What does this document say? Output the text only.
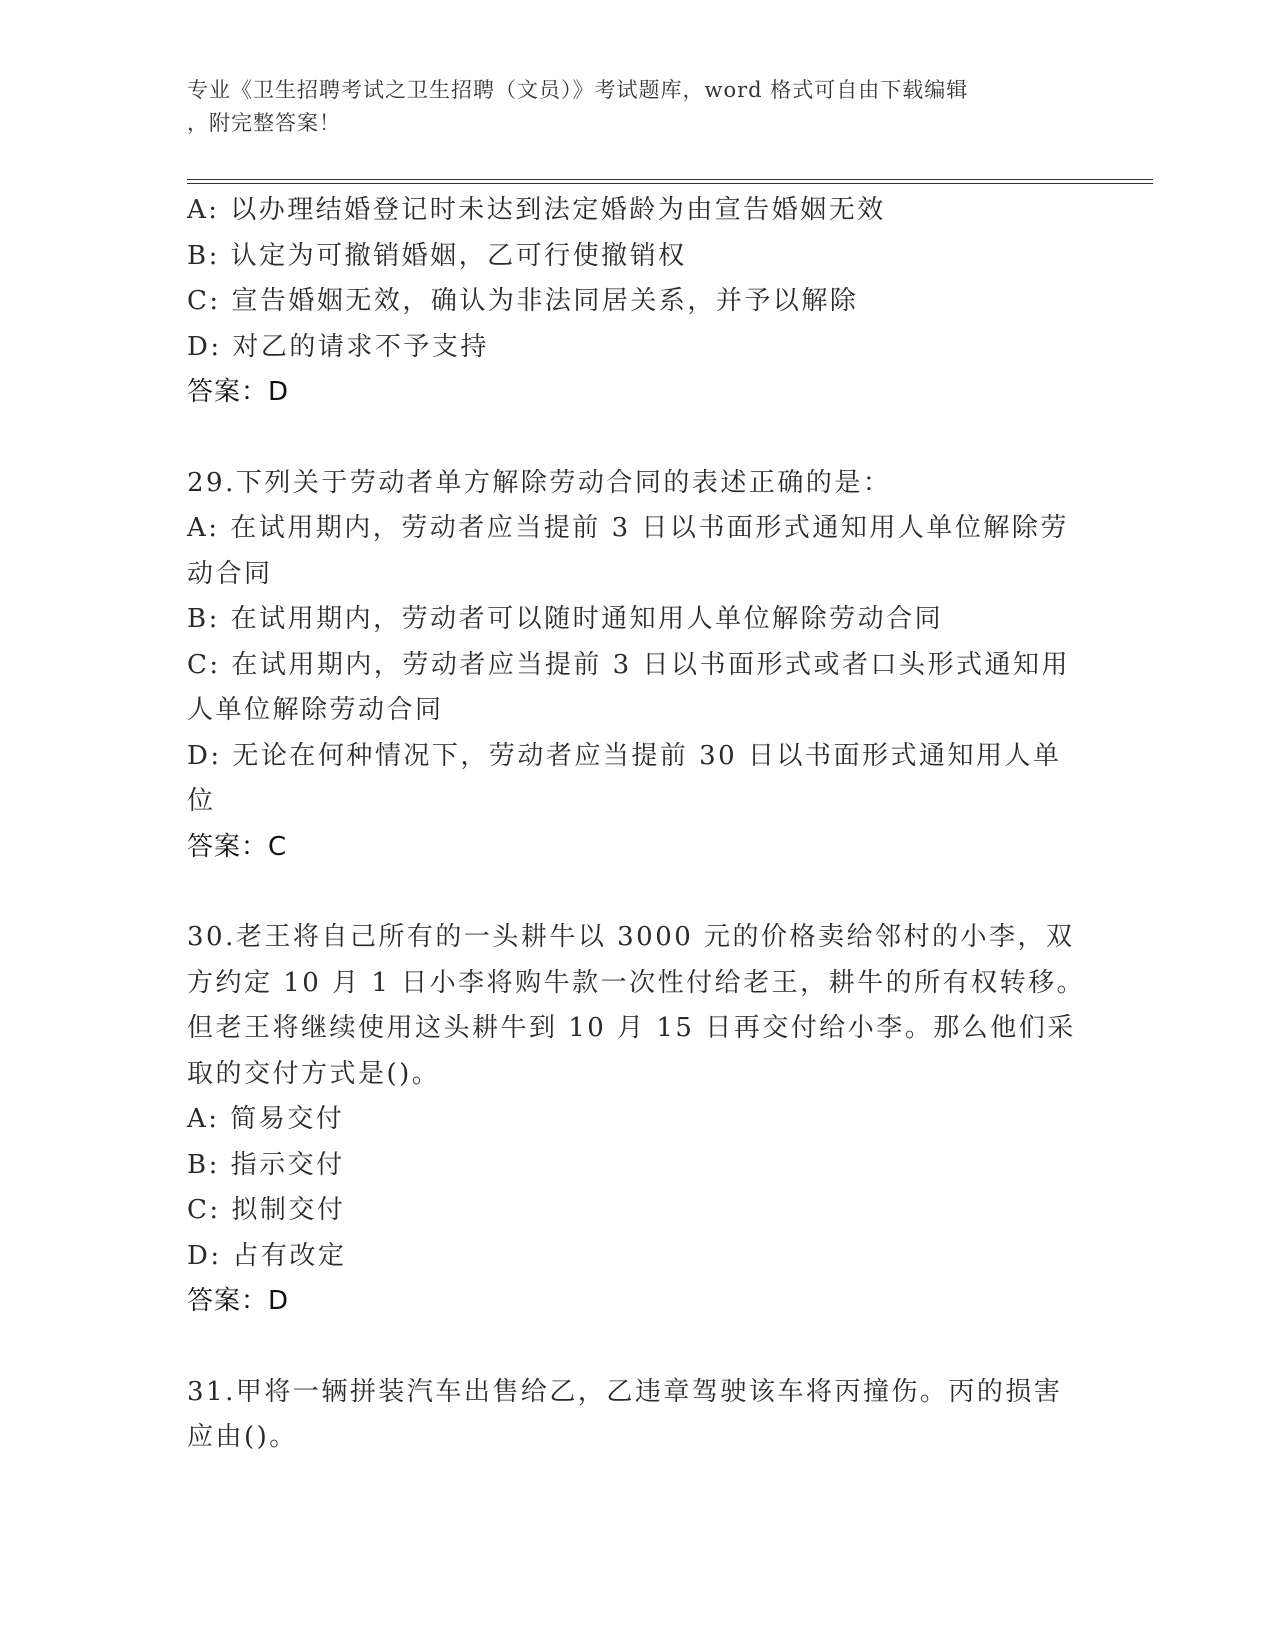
专业《卫生招聘考试之卫生招聘（文员）》考试题库，word 格式可自由下载编辑
，附完整答案！
A: 以办理结婚登记时未达到法定婚龄为由宣告婚姻无效
B: 认定为可撤销婚姻，乙可行使撤销权
C: 宣告婚姻无效，确认为非法同居关系，并予以解除
D: 对乙的请求不予支持
答案：D
29.下列关于劳动者单方解除劳动合同的表述正确的是：
A: 在试用期内，劳动者应当提前 3 日以书面形式通知用人单位解除劳
动合同
B: 在试用期内，劳动者可以随时通知用人单位解除劳动合同
C: 在试用期内，劳动者应当提前 3 日以书面形式或者口头形式通知用
人单位解除劳动合同
D: 无论在何种情况下，劳动者应当提前 30 日以书面形式通知用人单
位
答案：C
30.老王将自己所有的一头耕牛以 3000 元的价格卖给邻村的小李，双
方约定 10 月 1 日小李将购牛款一次性付给老王，耕牛的所有权转移。
但老王将继续使用这头耕牛到 10 月 15 日再交付给小李。那么他们采
取的交付方式是()。
A: 简易交付
B: 指示交付
C: 拟制交付
D: 占有改定
答案：D
31.甲将一辆拼装汽车出售给乙，乙违章驾驶该车将丙撞伤。丙的损害
应由()。
